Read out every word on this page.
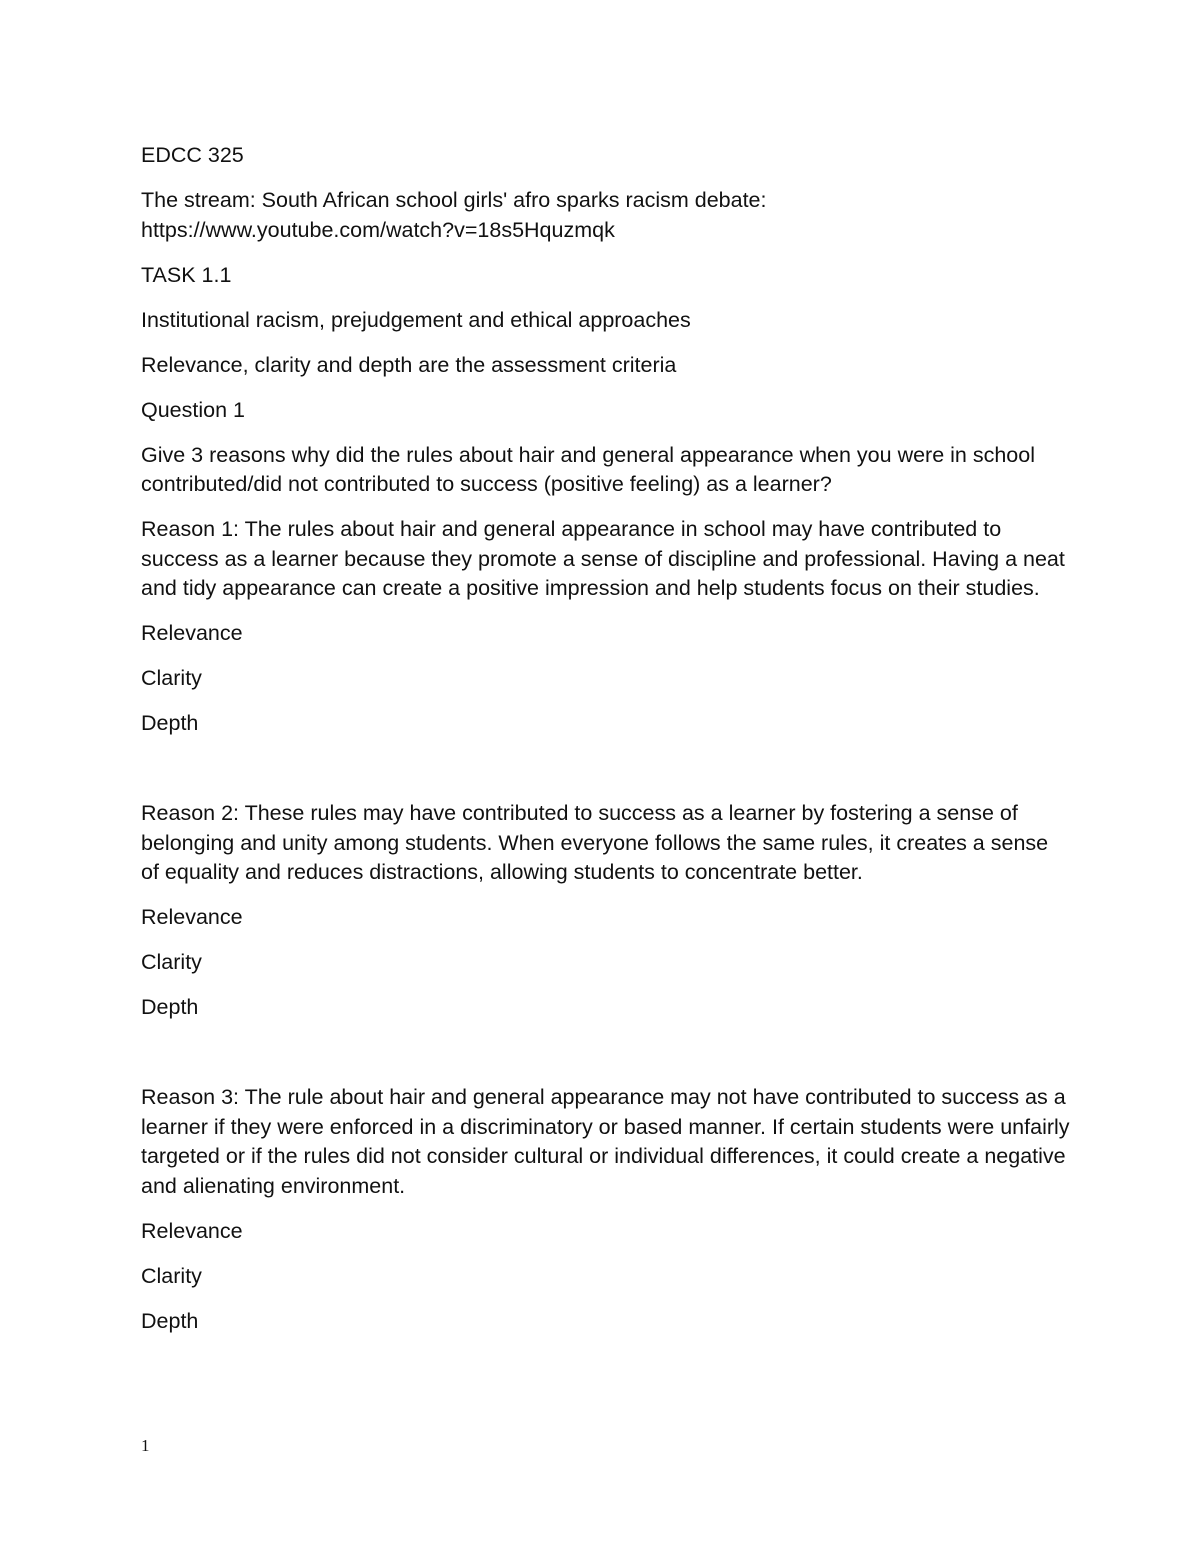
EDCC 325

The stream: South African school girls' afro sparks racism debate:
https://www.youtube.com/watch?v=18s5Hquzmqk

TASK 1.1

Institutional racism, prejudgement and ethical approaches

Relevance, clarity and depth are the assessment criteria

Question 1

Give 3 reasons why did the rules about hair and general appearance when you were in school contributed/did not contributed to success (positive feeling) as a learner?

Reason 1: The rules about hair and general appearance in school may have contributed to success as a learner because they promote a sense of discipline and professional. Having a neat and tidy appearance can create a positive impression and help students focus on their studies.

Relevance

Clarity

Depth

Reason 2: These rules may have contributed to success as a learner by fostering a sense of belonging and unity among students. When everyone follows the same rules, it creates a sense of equality and reduces distractions, allowing students to concentrate better.

Relevance

Clarity

Depth

Reason 3: The rule about hair and general appearance may not have contributed to success as a learner if they were enforced in a discriminatory or based manner. If certain students were unfairly targeted or if the rules did not consider cultural or individual differences, it could create a negative and alienating environment.

Relevance

Clarity

Depth

1
